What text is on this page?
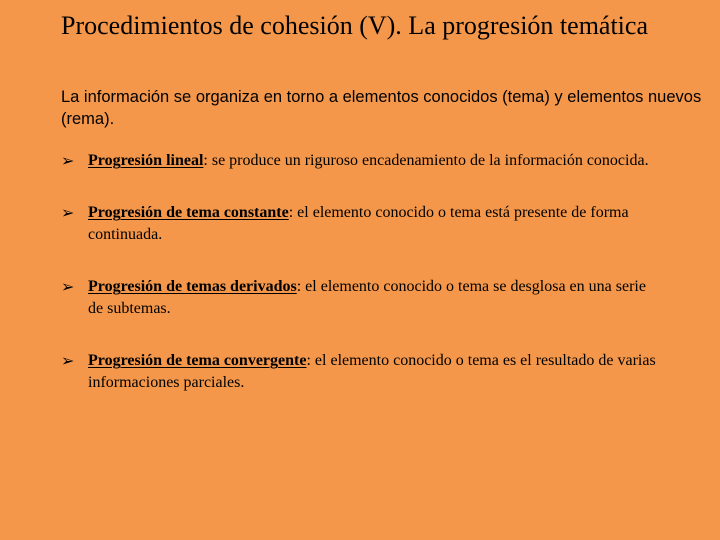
Procedimientos de cohesión (V). La progresión temática

La información se organiza en torno a elementos conocidos (tema) y elementos nuevos (rema).

➢ Progresión lineal: se produce un riguroso encadenamiento de la información conocida.
➢ Progresión de tema constante: el elemento conocido o tema está presente de forma continuada.
➢ Progresión de temas derivados: el elemento conocido o tema se desglosa en una serie de subtemas.
➢ Progresión de tema convergente: el elemento conocido o tema es el resultado de varias informaciones parciales.
